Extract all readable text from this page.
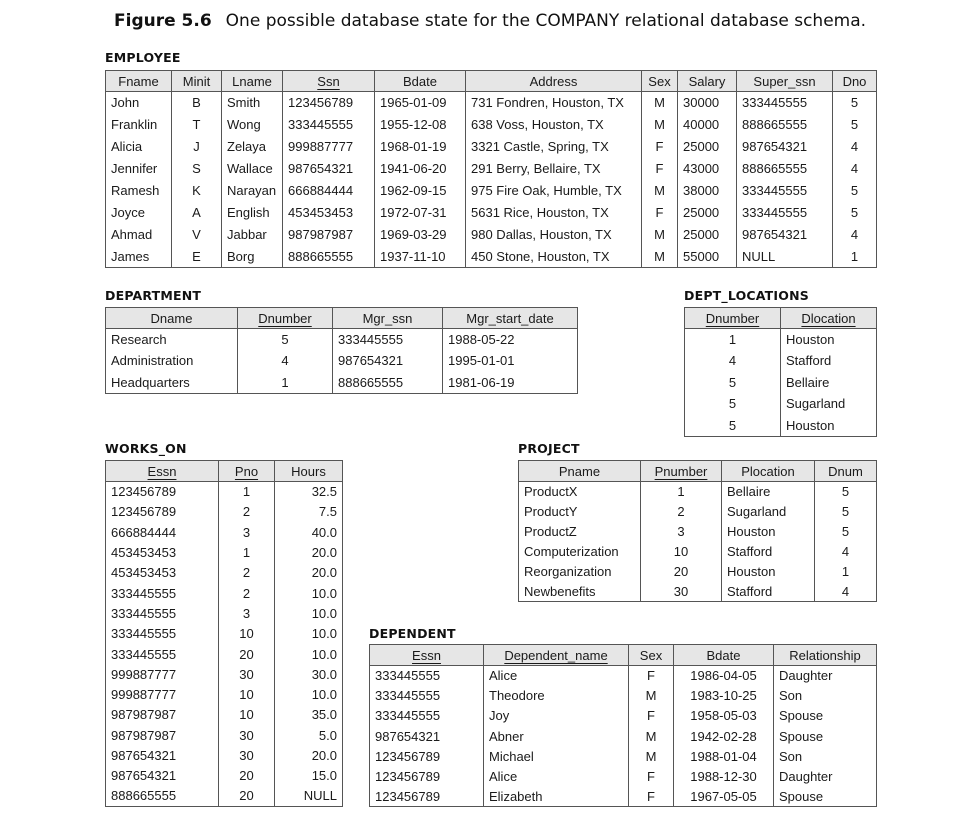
Figure 5.6 One possible database state for the COMPANY relational database schema.
EMPLOYEE
Fname	Minit	Lname	Ssn	Bdate	Address	Sex	Salary	Super_ssn	Dno
John	B	Smith	123456789	1965-01-09	731 Fondren, Houston, TX	M	30000	333445555	5
Franklin	T	Wong	333445555	1955-12-08	638 Voss, Houston, TX	M	40000	888665555	5
Alicia	J	Zelaya	999887777	1968-01-19	3321 Castle, Spring, TX	F	25000	987654321	4
Jennifer	S	Wallace	987654321	1941-06-20	291 Berry, Bellaire, TX	F	43000	888665555	4
Ramesh	K	Narayan	666884444	1962-09-15	975 Fire Oak, Humble, TX	M	38000	333445555	5
Joyce	A	English	453453453	1972-07-31	5631 Rice, Houston, TX	F	25000	333445555	5
Ahmad	V	Jabbar	987987987	1969-03-29	980 Dallas, Houston, TX	M	25000	987654321	4
James	E	Borg	888665555	1937-11-10	450 Stone, Houston, TX	M	55000	NULL	1
DEPARTMENT
Dname	Dnumber	Mgr_ssn	Mgr_start_date
Research	5	333445555	1988-05-22
Administration	4	987654321	1995-01-01
Headquarters	1	888665555	1981-06-19
DEPT_LOCATIONS
Dnumber	Dlocation
1	Houston
4	Stafford
5	Bellaire
5	Sugarland
5	Houston
WORKS_ON
Essn	Pno	Hours
123456789	1	32.5
123456789	2	7.5
666884444	3	40.0
453453453	1	20.0
453453453	2	20.0
333445555	2	10.0
333445555	3	10.0
333445555	10	10.0
333445555	20	10.0
999887777	30	30.0
999887777	10	10.0
987987987	10	35.0
987987987	30	5.0
987654321	30	20.0
987654321	20	15.0
888665555	20	NULL
PROJECT
Pname	Pnumber	Plocation	Dnum
ProductX	1	Bellaire	5
ProductY	2	Sugarland	5
ProductZ	3	Houston	5
Computerization	10	Stafford	4
Reorganization	20	Houston	1
Newbenefits	30	Stafford	4
DEPENDENT
Essn	Dependent_name	Sex	Bdate	Relationship
333445555	Alice	F	1986-04-05	Daughter
333445555	Theodore	M	1983-10-25	Son
333445555	Joy	F	1958-05-03	Spouse
987654321	Abner	M	1942-02-28	Spouse
123456789	Michael	M	1988-01-04	Son
123456789	Alice	F	1988-12-30	Daughter
123456789	Elizabeth	F	1967-05-05	Spouse
